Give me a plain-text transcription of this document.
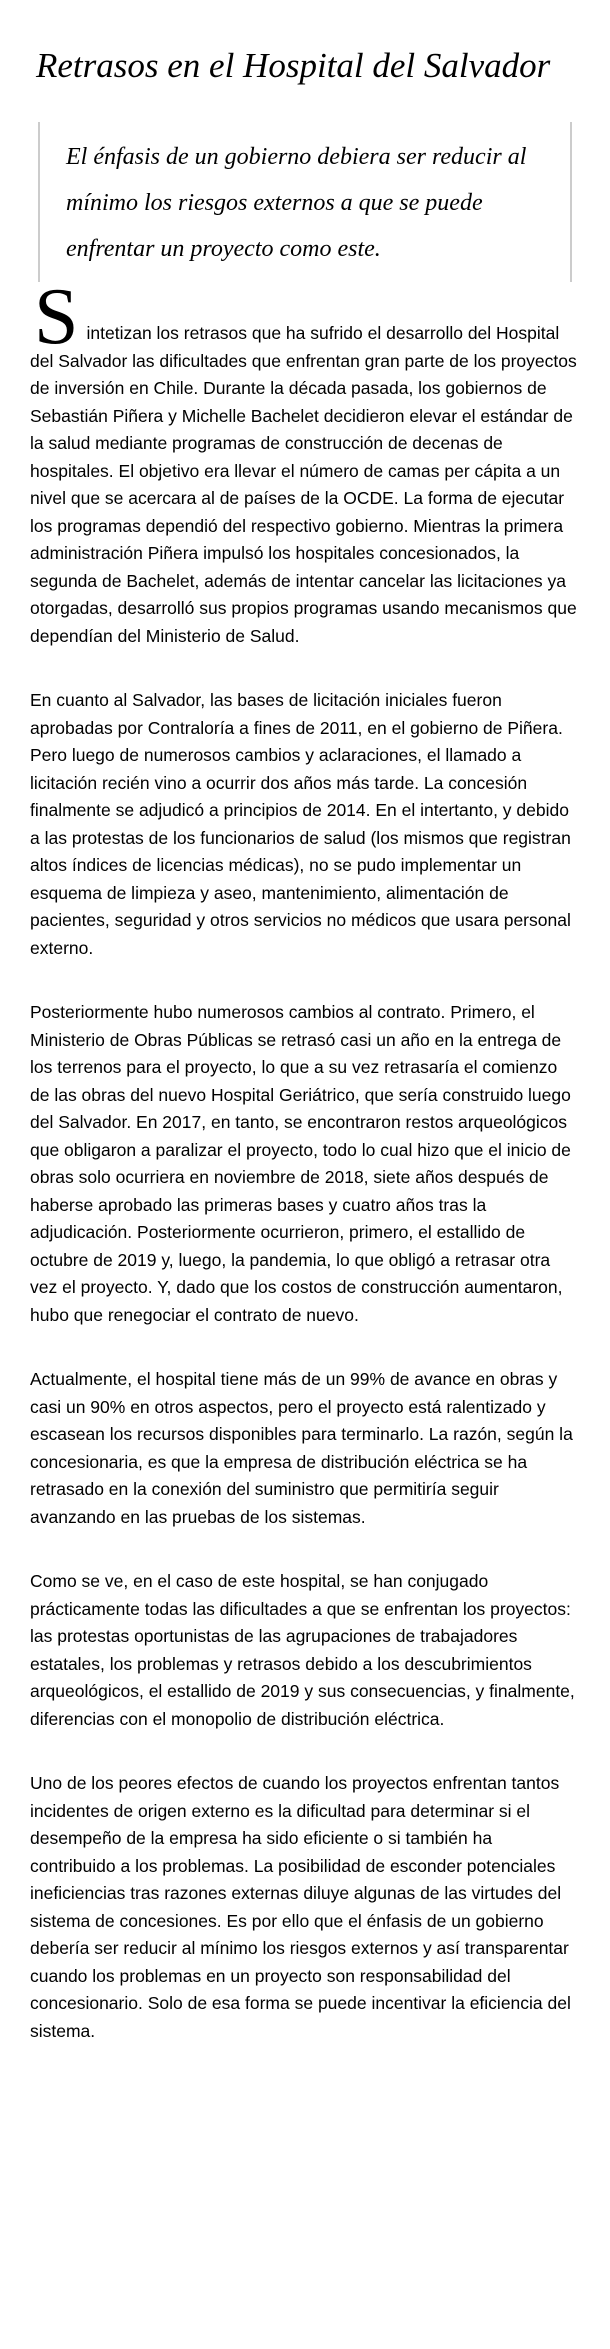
Retrasos en el Hospital del Salvador
El énfasis de un gobierno debiera ser reducir al mínimo los riesgos externos a que se puede enfrentar un proyecto como este.

Sintetizan los retrasos que ha sufrido el desarrollo del Hospital del Salvador las dificultades que enfrentan gran parte de los proyectos de inversión en Chile. Durante la década pasada, los gobiernos de Sebastián Piñera y Michelle Bachelet decidieron elevar el estándar de la salud mediante programas de construcción de decenas de hospitales. El objetivo era llevar el número de camas per cápita a un nivel que se acercara al de países de la OCDE. La forma de ejecutar los programas dependió del respectivo gobierno. Mientras la primera administración Piñera impulsó los hospitales concesionados, la segunda de Bachelet, además de intentar cancelar las licitaciones ya otorgadas, desarrolló sus propios programas usando mecanismos que dependían del Ministerio de Salud.

En cuanto al Salvador, las bases de licitación iniciales fueron aprobadas por Contraloría a fines de 2011, en el gobierno de Piñera. Pero luego de numerosos cambios y aclaraciones, el llamado a licitación recién vino a ocurrir dos años más tarde. La concesión finalmente se adjudicó a principios de 2014. En el intertanto, y debido a las protestas de los funcionarios de salud (los mismos que registran altos índices de licencias médicas), no se pudo implementar un esquema de limpieza y aseo, mantenimiento, alimentación de pacientes, seguridad y otros servicios no médicos que usara personal externo.

Posteriormente hubo numerosos cambios al contrato. Primero, el Ministerio de Obras Públicas se retrasó casi un año en la entrega de los terrenos para el proyecto, lo que a su vez retrasaría el comienzo de las obras del nuevo Hospital Geriátrico, que sería construido luego del Salvador. En 2017, en tanto, se encontraron restos arqueológicos que obligaron a paralizar el proyecto, todo lo cual hizo que el inicio de obras solo ocurriera en noviembre de 2018, siete años después de haberse aprobado las primeras bases y cuatro años tras la adjudicación. Posteriormente ocurrieron, primero, el estallido de octubre de 2019 y, luego, la pandemia, lo que obligó a retrasar otra vez el proyecto. Y, dado que los costos de construcción aumentaron, hubo que renegociar el contrato de nuevo.

Actualmente, el hospital tiene más de un 99% de avance en obras y casi un 90% en otros aspectos, pero el proyecto está ralentizado y escasean los recursos disponibles para terminarlo. La razón, según la concesionaria, es que la empresa de distribución eléctrica se ha retrasado en la conexión del suministro que permitiría seguir avanzando en las pruebas de los sistemas.

Como se ve, en el caso de este hospital, se han conjugado prácticamente todas las dificultades a que se enfrentan los proyectos: las protestas oportunistas de las agrupaciones de trabajadores estatales, los problemas y retrasos debido a los descubrimientos arqueológicos, el estallido de 2019 y sus consecuencias, y finalmente, diferencias con el monopolio de distribución eléctrica.

Uno de los peores efectos de cuando los proyectos enfrentan tantos incidentes de origen externo es la dificultad para determinar si el desempeño de la empresa ha sido eficiente o si también ha contribuido a los problemas. La posibilidad de esconder potenciales ineficiencias tras razones externas diluye algunas de las virtudes del sistema de concesiones. Es por ello que el énfasis de un gobierno debería ser reducir al mínimo los riesgos externos y así transparentar cuando los problemas en un proyecto son responsabilidad del concesionario. Solo de esa forma se puede incentivar la eficiencia del sistema.
